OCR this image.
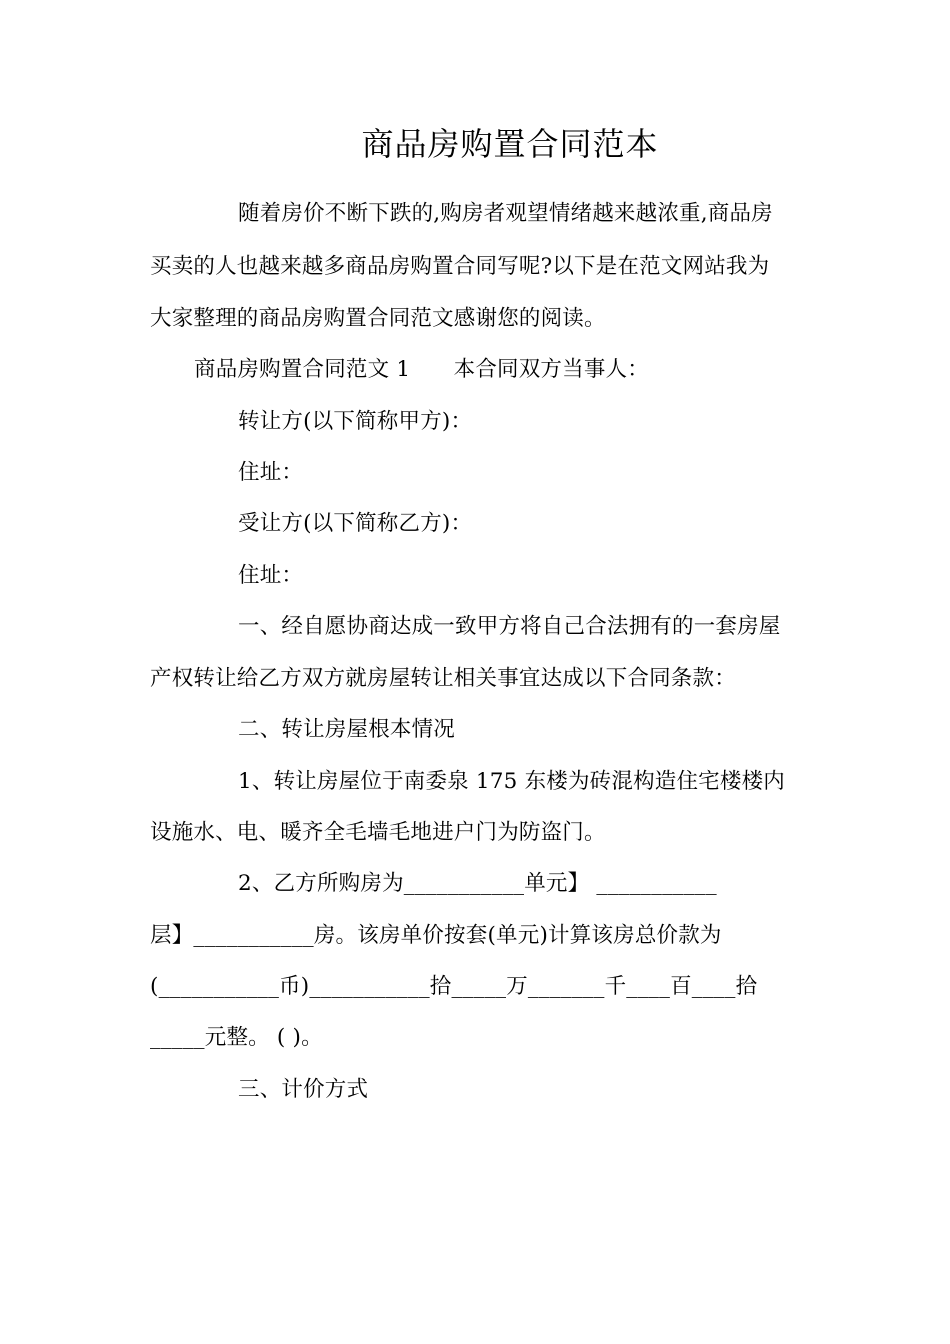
商品房购置合同范本
随着房价不断下跌的,购房者观望情绪越来越浓重,商品房
买卖的人也越来越多商品房购置合同写呢?以下是在范文网站我为
大家整理的商品房购置合同范文感谢您的阅读。
商品房购置合同范文 1　　本合同双方当事人：
转让方(以下简称甲方)：
住址：
受让方(以下简称乙方)：
住址：
一、经自愿协商达成一致甲方将自己合法拥有的一套房屋
产权转让给乙方双方就房屋转让相关事宜达成以下合同条款：
二、转让房屋根本情况
1、转让房屋位于南委泉 175 东楼为砖混构造住宅楼楼内
设施水、电、暖齐全毛墙毛地进户门为防盗门。
2、乙方所购房为___________单元】 ___________
层】___________房。该房单价按套(单元)计算该房总价款为
(___________币)___________拾_____万_______千____百____拾
_____元整。 ( )。
三、计价方式
